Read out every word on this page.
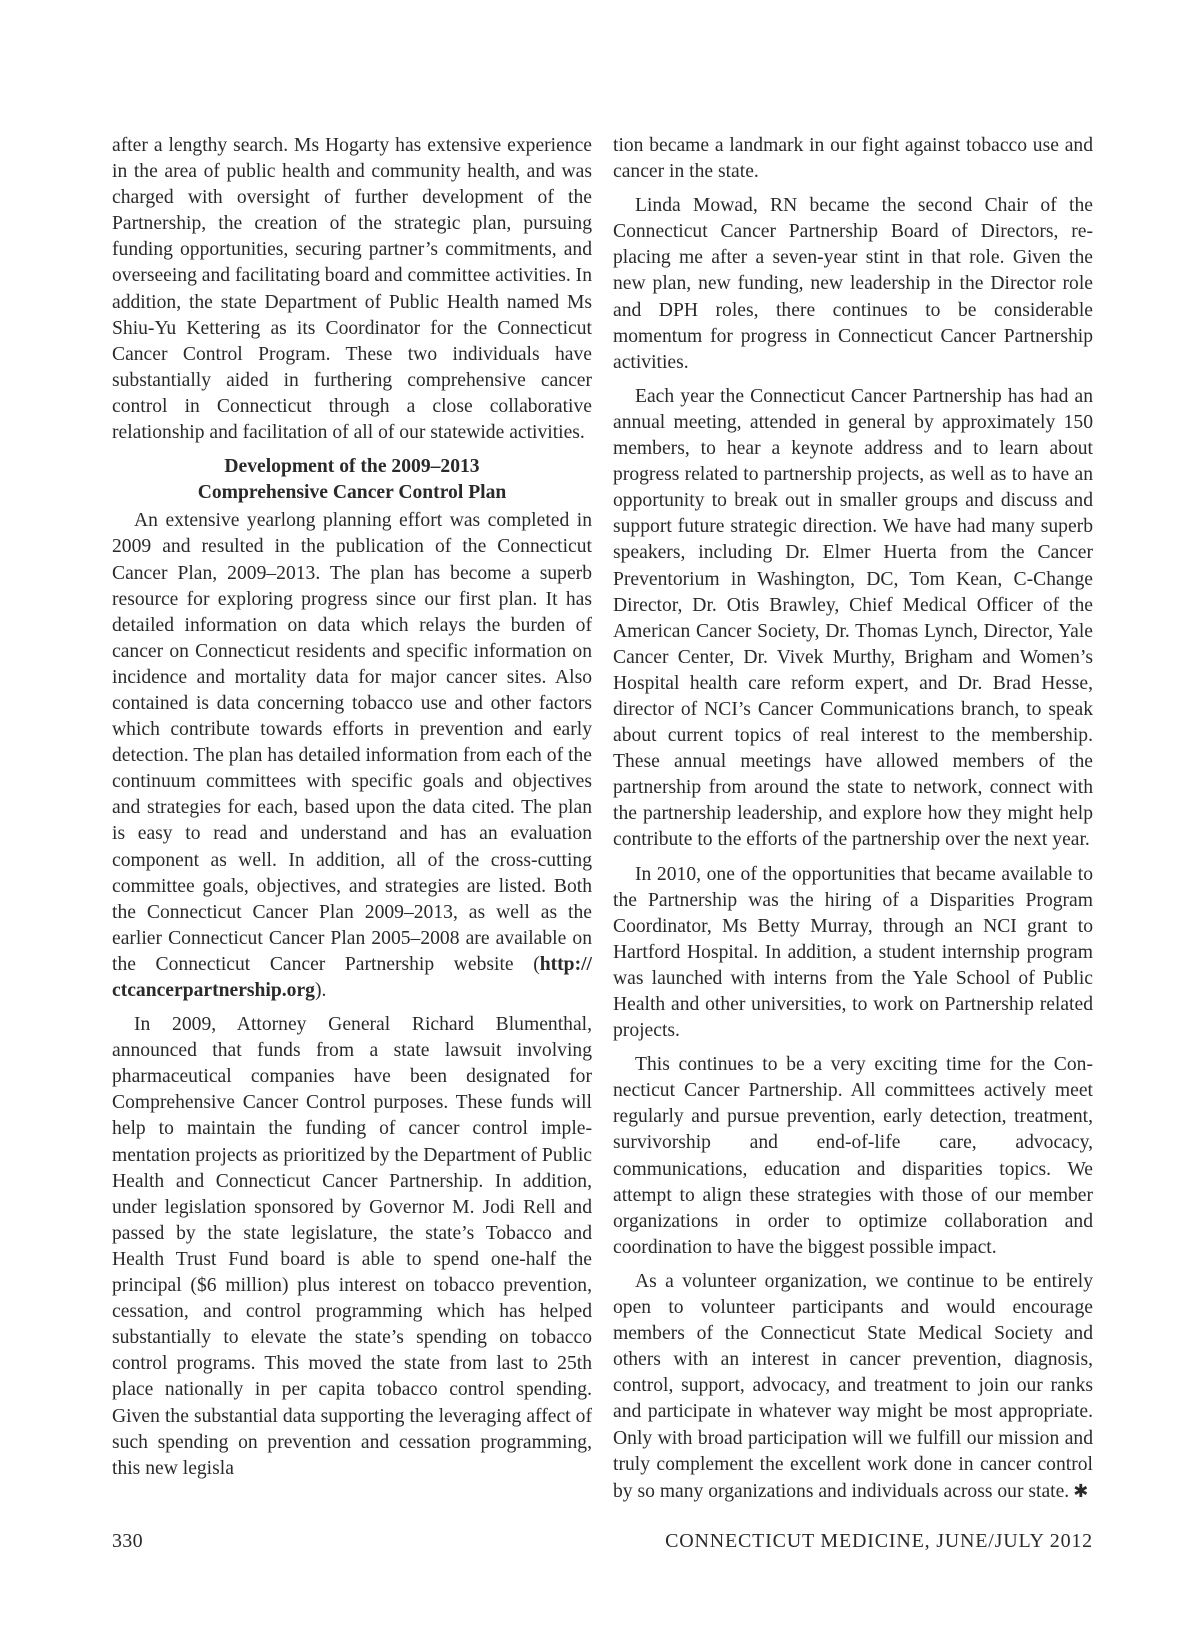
after a lengthy search. Ms Hogarty has extensive experience in the area of public health and community health, and was charged with oversight of further development of the Partnership, the creation of the strategic plan, pursuing funding opportunities, securing partner’s commitments, and overseeing and facilitating board and committee activities. In addition, the state Department of Public Health named Ms Shiu-Yu Kettering as its Coordinator for the Connecticut Cancer Control Program. These two individuals have substantially aided in furthering comprehensive cancer control in Connecticut through a close collaborative relationship and facilitation of all of our statewide activities.

Development of the 2009–2013
Comprehensive Cancer Control Plan

An extensive yearlong planning effort was completed in 2009 and resulted in the publication of the Connecticut Cancer Plan, 2009–2013. The plan has become a superb resource for exploring progress since our first plan. It has detailed information on data which relays the burden of cancer on Connecticut residents and specific information on incidence and mortality data for major cancer sites. Also contained is data concerning tobacco use and other factors which contribute towards efforts in prevention and early detection. The plan has detailed information from each of the continuum committees with specific goals and objectives and strategies for each, based upon the data cited. The plan is easy to read and understand and has an evaluation component as well. In addition, all of the cross-cutting committee goals, objectives, and strategies are listed. Both the Connecticut Cancer Plan 2009–2013, as well as the earlier Connecticut Cancer Plan 2005–2008 are available on the Connecticut Cancer Partnership website (http:// ctcancerpartnership.org).

In 2009, Attorney General Richard Blumenthal, announced that funds from a state lawsuit involving pharmaceutical companies have been designated for Comprehensive Cancer Control purposes. These funds will help to maintain the funding of cancer control implementation projects as prioritized by the Department of Public Health and Connecticut Cancer Partnership. In addition, under legislation sponsored by Governor M. Jodi Rell and passed by the state legislature, the state’s Tobacco and Health Trust Fund board is able to spend one-half the principal ($6 million) plus interest on tobacco prevention, cessation, and control programming which has helped substantially to elevate the state’s spending on tobacco control programs. This moved the state from last to 25th place nationally in per capita tobacco control spending. Given the substantial data supporting the leveraging affect of such spending on prevention and cessation programming, this new legisla

tion became a landmark in our fight against tobacco use and cancer in the state.

Linda Mowad, RN became the second Chair of the Connecticut Cancer Partnership Board of Directors, replacing me after a seven-year stint in that role. Given the new plan, new funding, new leadership in the Director role and DPH roles, there continues to be considerable momentum for progress in Connecticut Cancer Partnership activities.

Each year the Connecticut Cancer Partnership has had an annual meeting, attended in general by approximately 150 members, to hear a keynote address and to learn about progress related to partnership projects, as well as to have an opportunity to break out in smaller groups and discuss and support future strategic direction. We have had many superb speakers, including Dr. Elmer Huerta from the Cancer Preventorium in Washington, DC, Tom Kean, C-Change Director, Dr. Otis Brawley, Chief Medical Officer of the American Cancer Society, Dr. Thomas Lynch, Director, Yale Cancer Center, Dr. Vivek Murthy, Brigham and Women’s Hospital health care reform expert, and Dr. Brad Hesse, director of NCI’s Cancer Communications branch, to speak about current topics of real interest to the membership. These annual meetings have allowed members of the partnership from around the state to network, connect with the partnership leadership, and explore how they might help contribute to the efforts of the partnership over the next year.

In 2010, one of the opportunities that became available to the Partnership was the hiring of a Disparities Program Coordinator, Ms Betty Murray, through an NCI grant to Hartford Hospital. In addition, a student internship program was launched with interns from the Yale School of Public Health and other universities, to work on Partnership related projects.

This continues to be a very exciting time for the Connecticut Cancer Partnership. All committees actively meet regularly and pursue prevention, early detection, treatment, survivorship and end-of-life care, advocacy, communications, education and disparities topics. We attempt to align these strategies with those of our member organizations in order to optimize collaboration and coordination to have the biggest possible impact.

As a volunteer organization, we continue to be entirely open to volunteer participants and would encourage members of the Connecticut State Medical Society and others with an interest in cancer prevention, diagnosis, control, support, advocacy, and treatment to join our ranks and participate in whatever way might be most appropriate. Only with broad participation will we fulfill our mission and truly complement the excellent work done in cancer control by so many organizations and individuals across our state. ✱

330	CONNECTICUT MEDICINE, JUNE/JULY 2012
